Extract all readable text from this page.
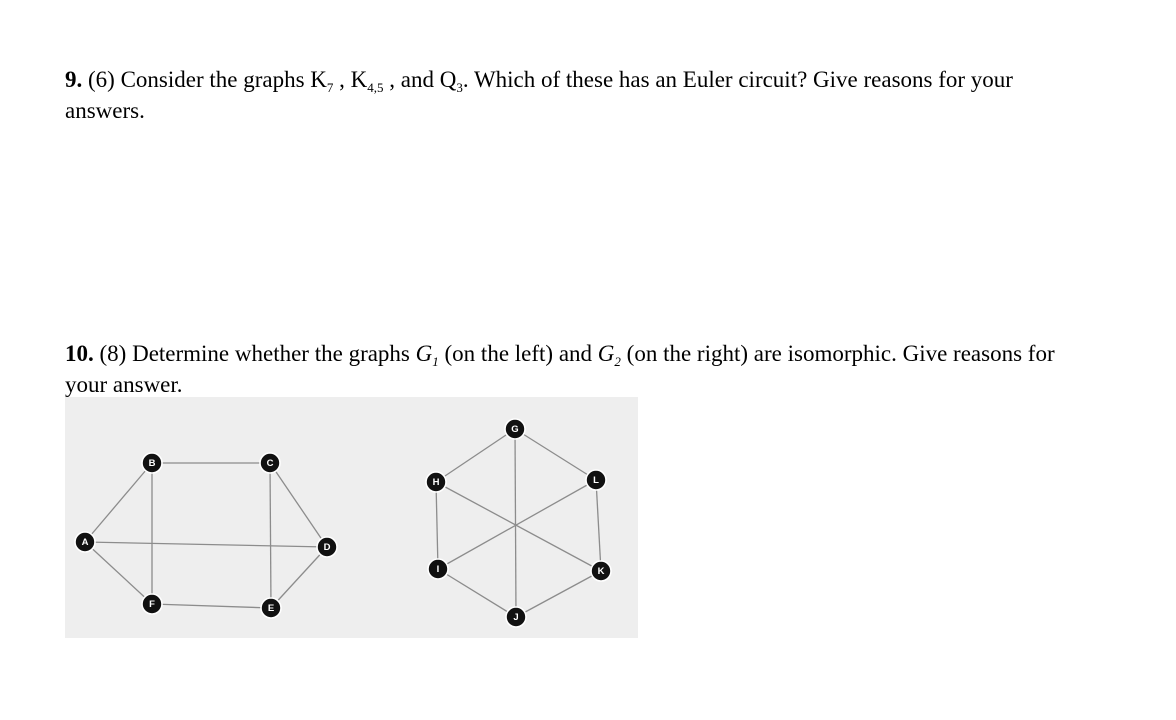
9. (6) Consider the graphs $K_7$ , $K_{4,5}$ , and $Q_3$. Which of these has an Euler circuit? Give reasons for your answers.
10. (8) Determine whether the graphs $G_1$ (on the left) and $G_2$ (on the right) are isomorphic. Give reasons for your answer.
A
B	C
D
E
F
G
H
I
J
K
L
